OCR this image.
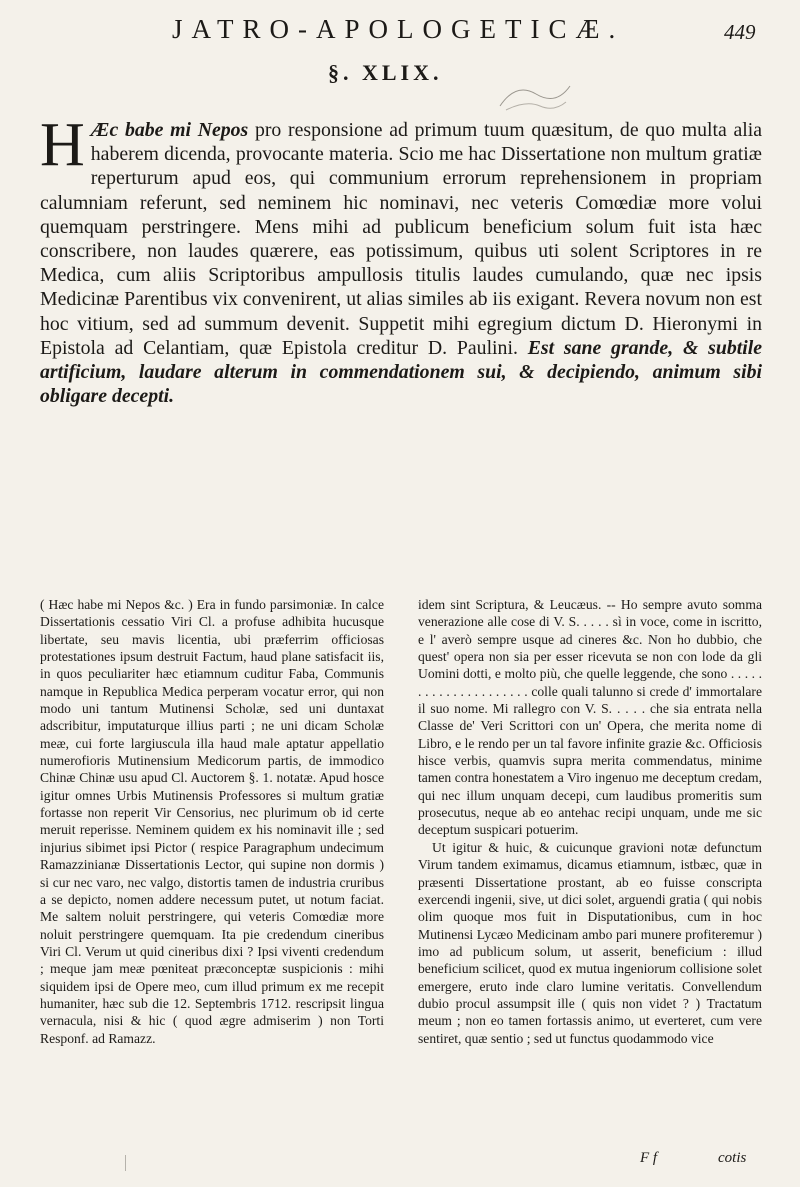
JATRO-APOLOGETICÆ.	449
§. XLIX.
H Æc babe mi Nepos pro responsione ad primum tuum quæsitum, de quo multa alia haberem dicenda, provocante materia. Scio me hac Dissertatione non multum gratiæ reperturum apud eos, qui communium errorum reprehensionem in propriam calumniam referunt, sed neminem hic nominavi, nec veteris Comœdiæ more volui quemquam perstringere. Mens mihi ad publicum beneficium solum fuit ista hæc conscribere, non laudes quærere, eas potissimum, quibus uti solent Scriptores in re Medica, cum aliis Scriptoribus ampullosis titulis laudes cumulando, quæ nec ipsis Medicinæ Parentibus vix convenirent, ut alias similes ab iis exigant. Revera novum non est hoc vitium, sed ad summum devenit. Suppetit mihi egregium dictum D. Hieronymi in Epistola ad Celantiam, quæ Epistola creditur D. Paulini. Est sane grande, & subtile artificium, laudare alterum in commendationem sui, & decipiendo, animum sibi obligare decepti.

( Hæc habe mi Nepos &c. ) Era in fundo parsimoniæ. In calce Dissertationis cessatio Viri Cl. a profuse adhibita hucusque libertate, seu mavis licentia, ubi præferrim officiosas protestationes ipsum destruit Factum, haud plane satisfacit iis, in quos peculiariter hæc etiamnum cuditur Faba, Communis namque in Republica Medica perperam vocatur error, qui non modo uni tantum Mutinensi Scholæ, sed uni duntaxat adscribitur, imputaturque illius parti ; ne uni dicam Scholæ meæ, cui forte largiuscula illa haud male aptatur appellatio numerofioris Mutinensium Medicorum partis, de immodico Chinæ Chinæ usu apud Cl. Auctorem §. 1. notatæ. Apud hosce igitur omnes Urbis Mutinensis Professores si multum gratiæ fortasse non reperit Vir Censorius, nec plurimum ob id certe meruit reperisse. Neminem quidem ex his nominavit ille ; sed injurius sibimet ipsi Pictor ( respice Paragraphum undecimum Ramazzinianæ Dissertationis Lector, qui supine non dormis ) si cur nec varo, nec valgo, distortis tamen de industria cruribus a se depicto, nomen addere necessum putet, ut notum faciat. Me saltem noluit perstringere, qui veteris Comœdiæ more noluit perstringere quemquam. Ita pie credendum cineribus Viri Cl. Verum ut quid cineribus dixi ? Ipsi viventi credendum ; meque jam meæ pœniteat præconceptæ suspicionis : mihi siquidem ipsi de Opere meo, cum illud primum ex me recepit humaniter, hæc sub die 12. Septembris 1712. rescripsit lingua vernacula, nisi & hic ( quod ægre admiserim ) non Torti Responf. ad Ramazz.

idem sint Scriptura, & Leucæus. -- Ho sempre avuto somma venerazione alle cose di V. S. . . . . sì in voce, come in iscritto, e l' averò sempre usque ad cineres &c. Non ho dubbio, che quest' opera non sia per esser ricevuta se non con lode da gli Uomini dotti, e molto più, che quelle leggende, che sono . . . . . . . . . . . . . . . . . . . . . colle quali talunno si crede d' immortalare il suo nome. Mi rallegro con V. S. . . . . che sia entrata nella Classe de' Veri Scrittori con un' Opera, che merita nome di Libro, e le rendo per un tal favore infinite grazie &c. Officiosis hisce verbis, quamvis supra merita commendatus, minime tamen contra honestatem a Viro ingenuo me deceptum credam, qui nec illum unquam decepi, cum laudibus promeritis sum prosecutus, neque ab eo antehac recipi unquam, unde me sic deceptum suspicari potuerim.

Ut igitur & huic, & cuicunque gravioni notæ defunctum Virum tandem eximamus, dicamus etiamnum, istbæc, quæ in præsenti Dissertatione prostant, ab eo fuisse conscripta exercendi ingenii, sive, ut dici solet, arguendi gratia ( qui nobis olim quoque mos fuit in Disputationibus, cum in hoc Mutinensi Lycæo Medicinam ambo pari munere profiteremur ) imo ad publicum solum, ut asserit, beneficium : illud beneficium scilicet, quod ex mutua ingeniorum collisione solet emergere, eruto inde claro lumine veritatis. Convellendum dubio procul assumpsit ille ( quis non videt ? ) Tractatum meum ; non eo tamen fortassis animo, ut everteret, cum vere sentiret, quæ sentio ; sed ut functus quodammodo vice

F f	cotis
